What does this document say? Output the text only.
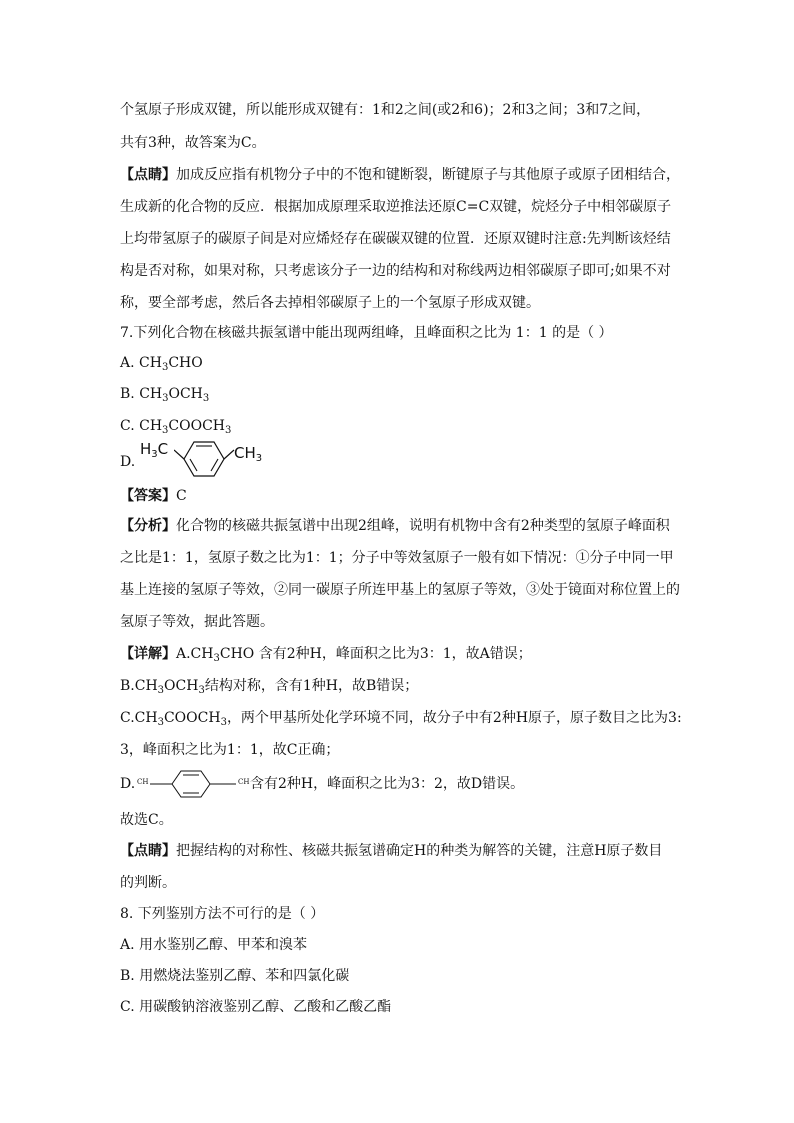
个氢原子形成双键，所以能形成双键有：1和2之间(或2和6)；2和3之间；3和7之间，
共有3种，故答案为C。
【点睛】加成反应指有机物分子中的不饱和键断裂，断键原子与其他原子或原子团相结合，
生成新的化合物的反应．根据加成原理采取逆推法还原C=C双键，烷烃分子中相邻碳原子
上均带氢原子的碳原子间是对应烯烃存在碳碳双键的位置．还原双键时注意:先判断该烃结
构是否对称，如果对称，只考虑该分子一边的结构和对称线两边相邻碳原子即可;如果不对
称，要全部考虑，然后各去掉相邻碳原子上的一个氢原子形成双键。
7.下列化合物在核磁共振氢谱中能出现两组峰，且峰面积之比为 1：1 的是（ ）
A. $CH_3CHO$
B. $CH_3OCH_3$
C. $CH_3COOCH_3$
D.
$H_3C$	$CH_3$
【答案】C
【分析】化合物的核磁共振氢谱中出现2组峰，说明有机物中含有2种类型的氢原子峰面积
之比是1：1，氢原子数之比为1：1；分子中等效氢原子一般有如下情况：①分子中同一甲
基上连接的氢原子等效，②同一碳原子所连甲基上的氢原子等效，③处于镜面对称位置上的
氢原子等效，据此答题。
【详解】$A.CH_3CHO$ 含有2种H，峰面积之比为3：1，故A错误；
$B.CH_3OCH_3$结构对称，含有1种H，故B错误；
$C.CH_3COOCH_3$，两个甲基所处化学环境不同，故分子中有2种H原子，原子数目之比为3:
3，峰面积之比为1：1，故C正确；
D. CH	CH 含有2种H，峰面积之比为3：2，故D错误。
故选C。
【点睛】把握结构的对称性、核磁共振氢谱确定H的种类为解答的关键，注意H原子数目
的判断。
8. 下列鉴别方法不可行的是（ ）
A. 用水鉴别乙醇、甲苯和溴苯
B. 用燃烧法鉴别乙醇、苯和四氯化碳
C. 用碳酸钠溶液鉴别乙醇、乙酸和乙酸乙酯
